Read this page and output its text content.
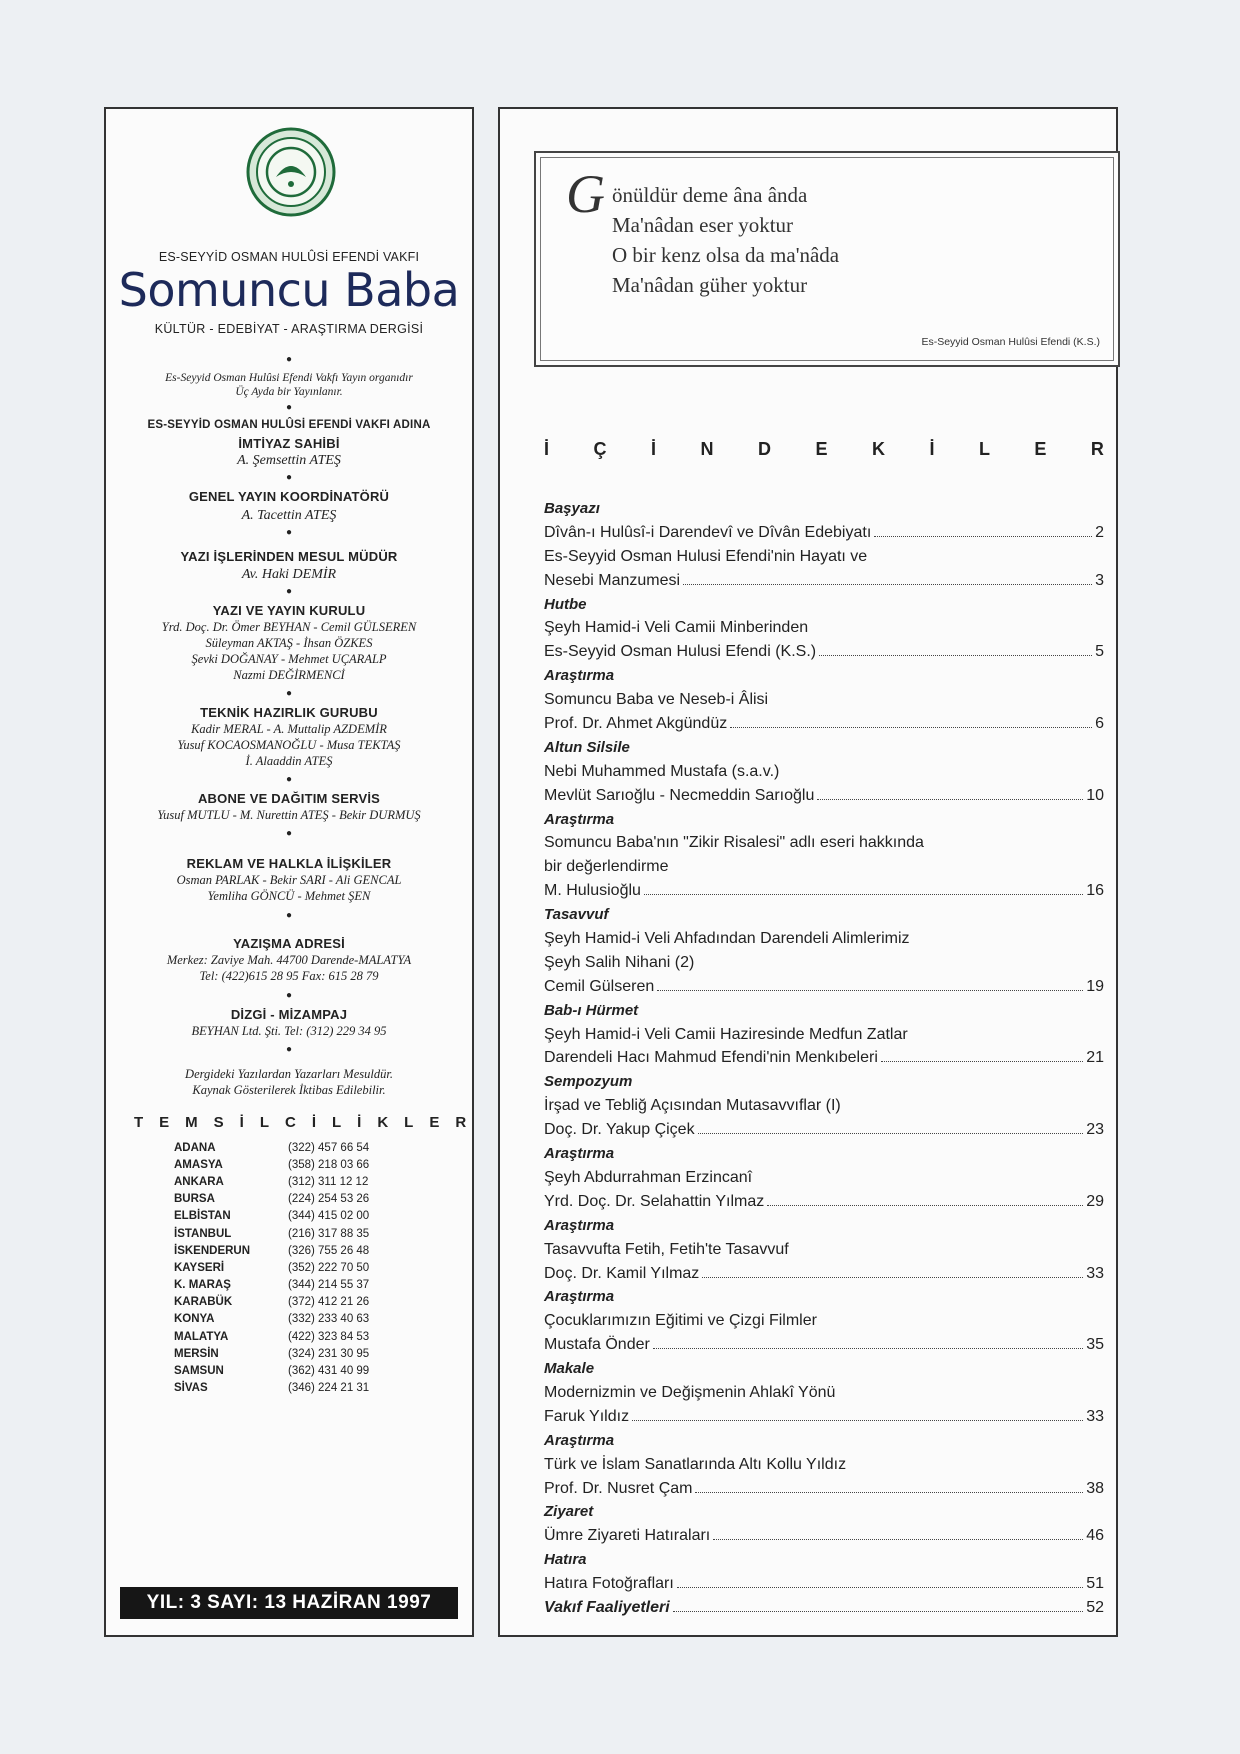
ES-SEYYİD OSMAN HULÛSİ EFENDİ VAKFI
Somuncu Baba
KÜLTÜR - EDEBİYAT - ARAŞTIRMA DERGİSİ
●
Es-Seyyid Osman Hulûsi Efendi Vakfı Yayın organıdır
Üç Ayda bir Yayınlanır.
●
ES-SEYYİD OSMAN HULÛSİ EFENDİ VAKFI ADINA
İMTİYAZ SAHİBİ
A. Şemsettin ATEŞ
●
GENEL YAYIN KOORDİNATÖRÜ
A. Tacettin ATEŞ
●
YAZI İŞLERİNDEN MESUL MÜDÜR
Av. Haki DEMİR
●
YAZI VE YAYIN KURULU
Yrd. Doç. Dr. Ömer BEYHAN - Cemil GÜLSEREN
Süleyman AKTAŞ - İhsan ÖZKES
Şevki DOĞANAY - Mehmet UÇARALP
Nazmi DEĞİRMENCİ
●
TEKNİK HAZIRLIK GURUBU
Kadir MERAL - A. Muttalip AZDEMİR
Yusuf KOCAOSMANOĞLU - Musa TEKTAŞ
İ. Alaaddin ATEŞ
●
ABONE VE DAĞITIM SERVİS
Yusuf MUTLU - M. Nurettin ATEŞ - Bekir DURMUŞ
●
REKLAM VE HALKLA İLİŞKİLER
Osman PARLAK - Bekir SARI - Ali GENCAL
Yemliha GÖNCÜ - Mehmet ŞEN
●
YAZIŞMA ADRESİ
Merkez: Zaviye Mah. 44700 Darende-MALATYA
Tel: (422)615 28 95 Fax: 615 28 79
●
DİZGİ - MİZAMPAJ
BEYHAN Ltd. Şti. Tel: (312) 229 34 95
●
Dergideki Yazılardan Yazarları Mesuldür.
Kaynak Gösterilerek İktibas Edilebilir.
TEMSİLCİLİKLER
ADANA	(322) 457 66 54
AMASYA	(358) 218 03 66
ANKARA	(312) 311 12 12
BURSA	(224) 254 53 26
ELBİSTAN	(344) 415 02 00
İSTANBUL	(216) 317 88 35
İSKENDERUN	(326) 755 26 48
KAYSERİ	(352) 222 70 50
K. MARAŞ	(344) 214 55 37
KARABÜK	(372) 412 21 26
KONYA	(332) 233 40 63
MALATYA	(422) 323 84 53
MERSİN	(324) 231 30 95
SAMSUN	(362) 431 40 99
SİVAS	(346) 224 21 31
YIL: 3 SAYI: 13 HAZİRAN 1997
G önüldür deme âna ânda
Ma'nâdan eser yoktur
O bir kenz olsa da ma'nâda
Ma'nâdan güher yoktur
Es-Seyyid Osman Hulûsi Efendi (K.S.)
İ Ç İ N D E K İ L E R
Başyazı
Dîvân-ı Hulûsî-i Darendevî ve Dîvân Edebiyatı	2
Es-Seyyid Osman Hulusi Efendi'nin Hayatı ve
Nesebi Manzumesi	3
Hutbe
Şeyh Hamid-i Veli Camii Minberinden
Es-Seyyid Osman Hulusi Efendi (K.S.)	5
Araştırma
Somuncu Baba ve Neseb-i Âlisi
Prof. Dr. Ahmet Akgündüz	6
Altun Silsile
Nebi Muhammed Mustafa (s.a.v.)
Mevlüt Sarıoğlu - Necmeddin Sarıoğlu	10
Araştırma
Somuncu Baba'nın "Zikir Risalesi" adlı eseri hakkında
bir değerlendirme
M. Hulusioğlu	16
Tasavvuf
Şeyh Hamid-i Veli Ahfadından Darendeli Alimlerimiz
Şeyh Salih Nihani (2)
Cemil Gülseren	19
Bab-ı Hürmet
Şeyh Hamid-i Veli Camii Haziresinde Medfun Zatlar
Darendeli Hacı Mahmud Efendi'nin Menkıbeleri	21
Sempozyum
İrşad ve Tebliğ Açısından Mutasavvıflar (I)
Doç. Dr. Yakup Çiçek	23
Araştırma
Şeyh Abdurrahman Erzincanî
Yrd. Doç. Dr. Selahattin Yılmaz	29
Araştırma
Tasavvufta Fetih, Fetih'te Tasavvuf
Doç. Dr. Kamil Yılmaz	33
Araştırma
Çocuklarımızın Eğitimi ve Çizgi Filmler
Mustafa Önder	35
Makale
Modernizmin ve Değişmenin Ahlakî Yönü
Faruk Yıldız	33
Araştırma
Türk ve İslam Sanatlarında Altı Kollu Yıldız
Prof. Dr. Nusret Çam	38
Ziyaret
Ümre Ziyareti Hatıraları	46
Hatıra
Hatıra Fotoğrafları	51
Vakıf Faaliyetleri	52
